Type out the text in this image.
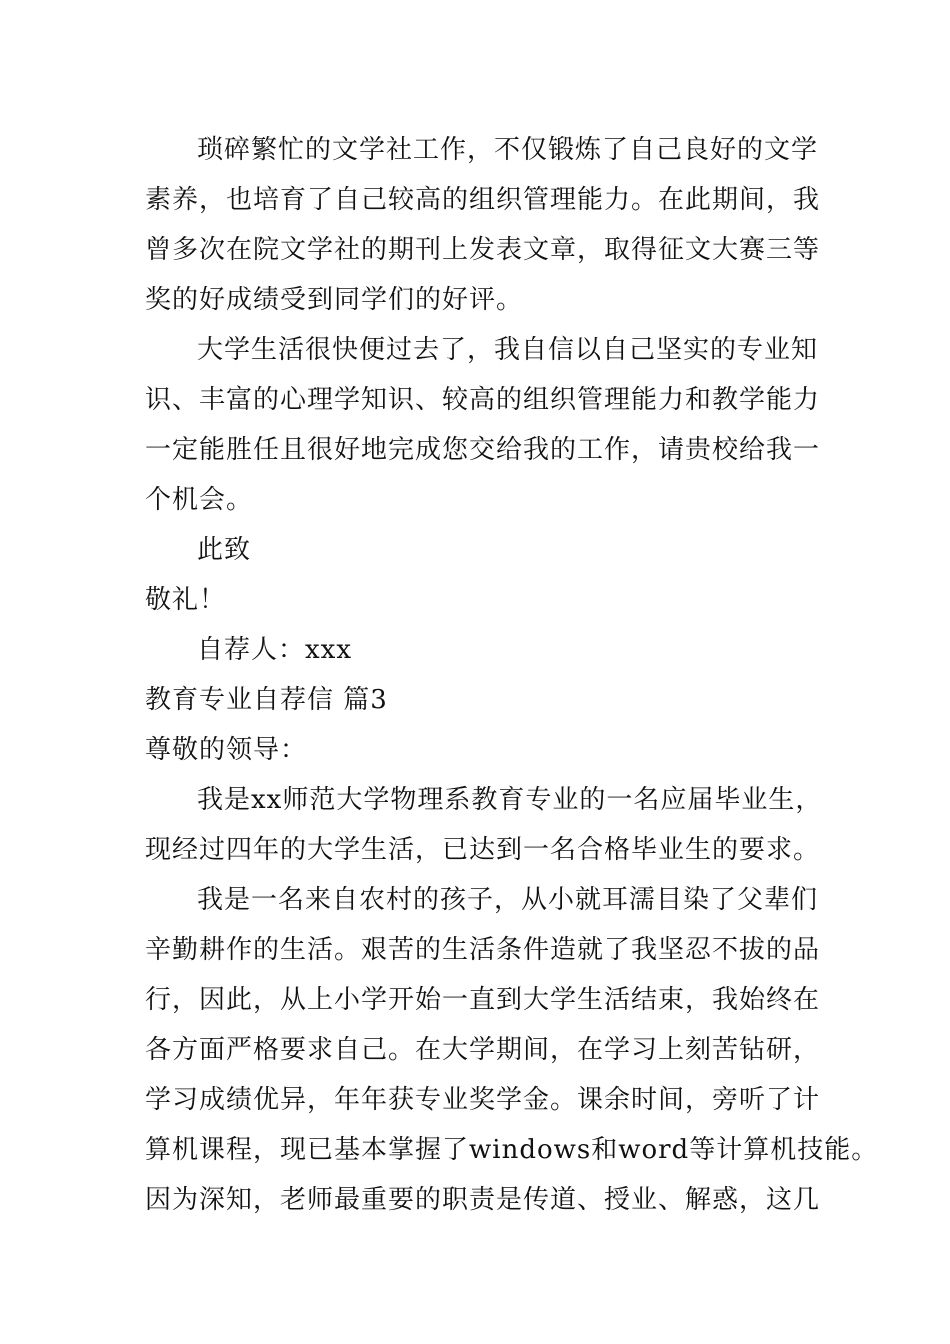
琐碎繁忙的文学社工作，不仅锻炼了自己良好的文学
素养，也培育了自己较高的组织管理能力。在此期间，我
曾多次在院文学社的期刊上发表文章，取得征文大赛三等
奖的好成绩受到同学们的好评。
大学生活很快便过去了，我自信以自己坚实的专业知
识、丰富的心理学知识、较高的组织管理能力和教学能力
一定能胜任且很好地完成您交给我的工作，请贵校给我一
个机会。
此致
敬礼！
自荐人：xxx
教育专业自荐信 篇3
尊敬的领导：
我是xx师范大学物理系教育专业的一名应届毕业生，
现经过四年的大学生活，已达到一名合格毕业生的要求。
我是一名来自农村的孩子，从小就耳濡目染了父辈们
辛勤耕作的生活。艰苦的生活条件造就了我坚忍不拔的品
行，因此，从上小学开始一直到大学生活结束，我始终在
各方面严格要求自己。在大学期间，在学习上刻苦钻研，
学习成绩优异，年年获专业奖学金。课余时间，旁听了计
算机课程，现已基本掌握了windows和word等计算机技能。
因为深知，老师最重要的职责是传道、授业、解惑，这几
